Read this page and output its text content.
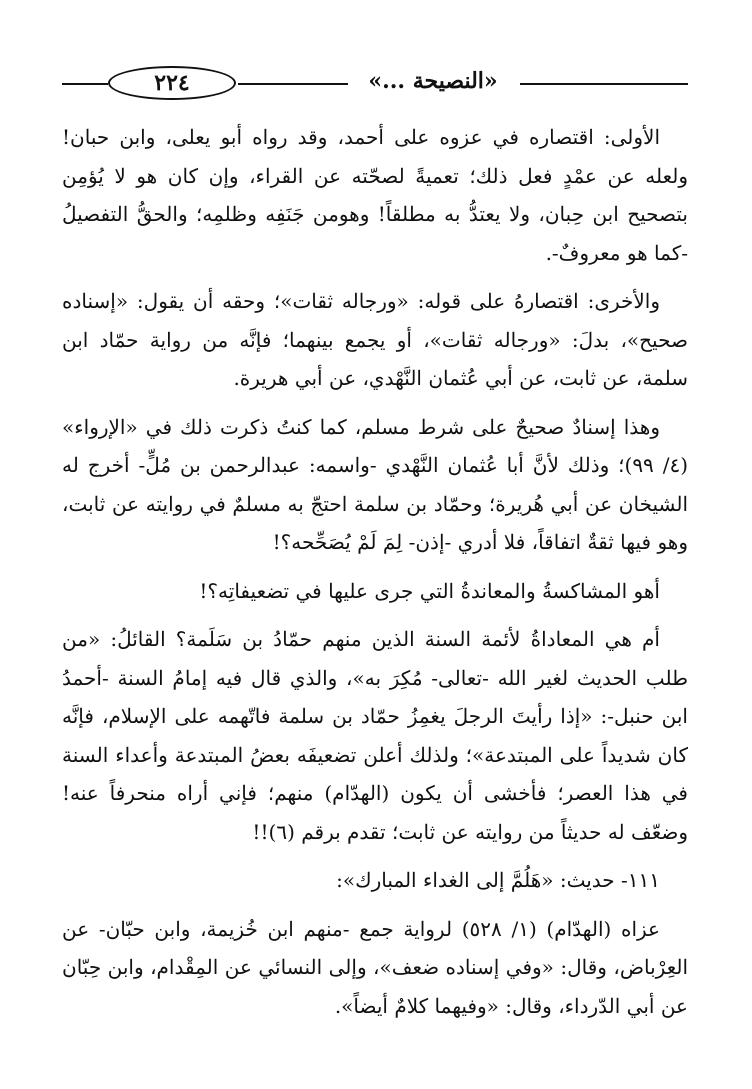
٢٢٤	«النصيحة ...»

الأولى: اقتصاره في عزوه على أحمد، وقد رواه أبو يعلى، وابن حبان! ولعله عن عمْدٍ فعل ذلك؛ تعميةً لصحّته عن القراء، وإن كان هو لا يُؤمِن بتصحيح ابن حِبان، ولا يعتدُّ به مطلقاً! وهومن جَنَفِه وظلمِه؛ والحقُّ التفصيلُ -كما هو معروفٌ-.

والأخرى: اقتصارهُ على قوله: «ورجاله ثقات»؛ وحقه أن يقول: «إسناده صحيح»، بدلَ: «ورجاله ثقات»، أو يجمع بينهما؛ فإنَّه من رواية حمّاد ابن سلمة، عن ثابت، عن أبي عُثمان النَّهْدي، عن أبي هريرة.

وهذا إسنادٌ صحيحٌ على شرط مسلم، كما كنتُ ذكرت ذلك في «الإرواء» (٤/ ٩٩)؛ وذلك لأنَّ أبا عُثمان النَّهْدي -واسمه: عبدالرحمن بن مُلٍّ- أخرج له الشيخان عن أبي هُريرة؛ وحمّاد بن سلمة احتجّ به مسلمٌ في روايته عن ثابت، وهو فيها ثقةٌ اتفاقاً، فلا أدري -إذن- لِمَ لَمْ يُصَحِّحه؟!

أهو المشاكسةُ والمعاندةُ التي جرى عليها في تضعيفاتِه؟!

أم هي المعاداةُ لأئمة السنة الذين منهم حمّادُ بن سَلَمة؟ القائلُ: «من طلب الحديث لغير الله -تعالى- مُكِرَ به»، والذي قال فيه إمامُ السنة -أحمدُ ابن حنبل-: «إذا رأيتَ الرجلَ يغمِزُ حمّاد بن سلمة فاتّهمه على الإسلام، فإنَّه كان شديداً على المبتدعة»؛ ولذلك أعلن تضعيفَه بعضُ المبتدعة وأعداء السنة في هذا العصر؛ فأخشى أن يكون (الهدّام) منهم؛ فإني أراه منحرفاً عنه! وضعّف له حديثاً من روايته عن ثابت؛ تقدم برقم (٦)!!

١١١- حديث: «هَلُمَّ إلى الغداء المبارك»:

عزاه (الهدّام) (١/ ٥٢٨) لرواية جمع -منهم ابن خُزيمة، وابن حبّان- عن العِرْباض، وقال: «وفي إسناده ضعف»، وإلى النسائي عن المِقْدام، وابن حِبّان عن أبي الدّرداء، وقال: «وفيهما كلامٌ أيضاً».
